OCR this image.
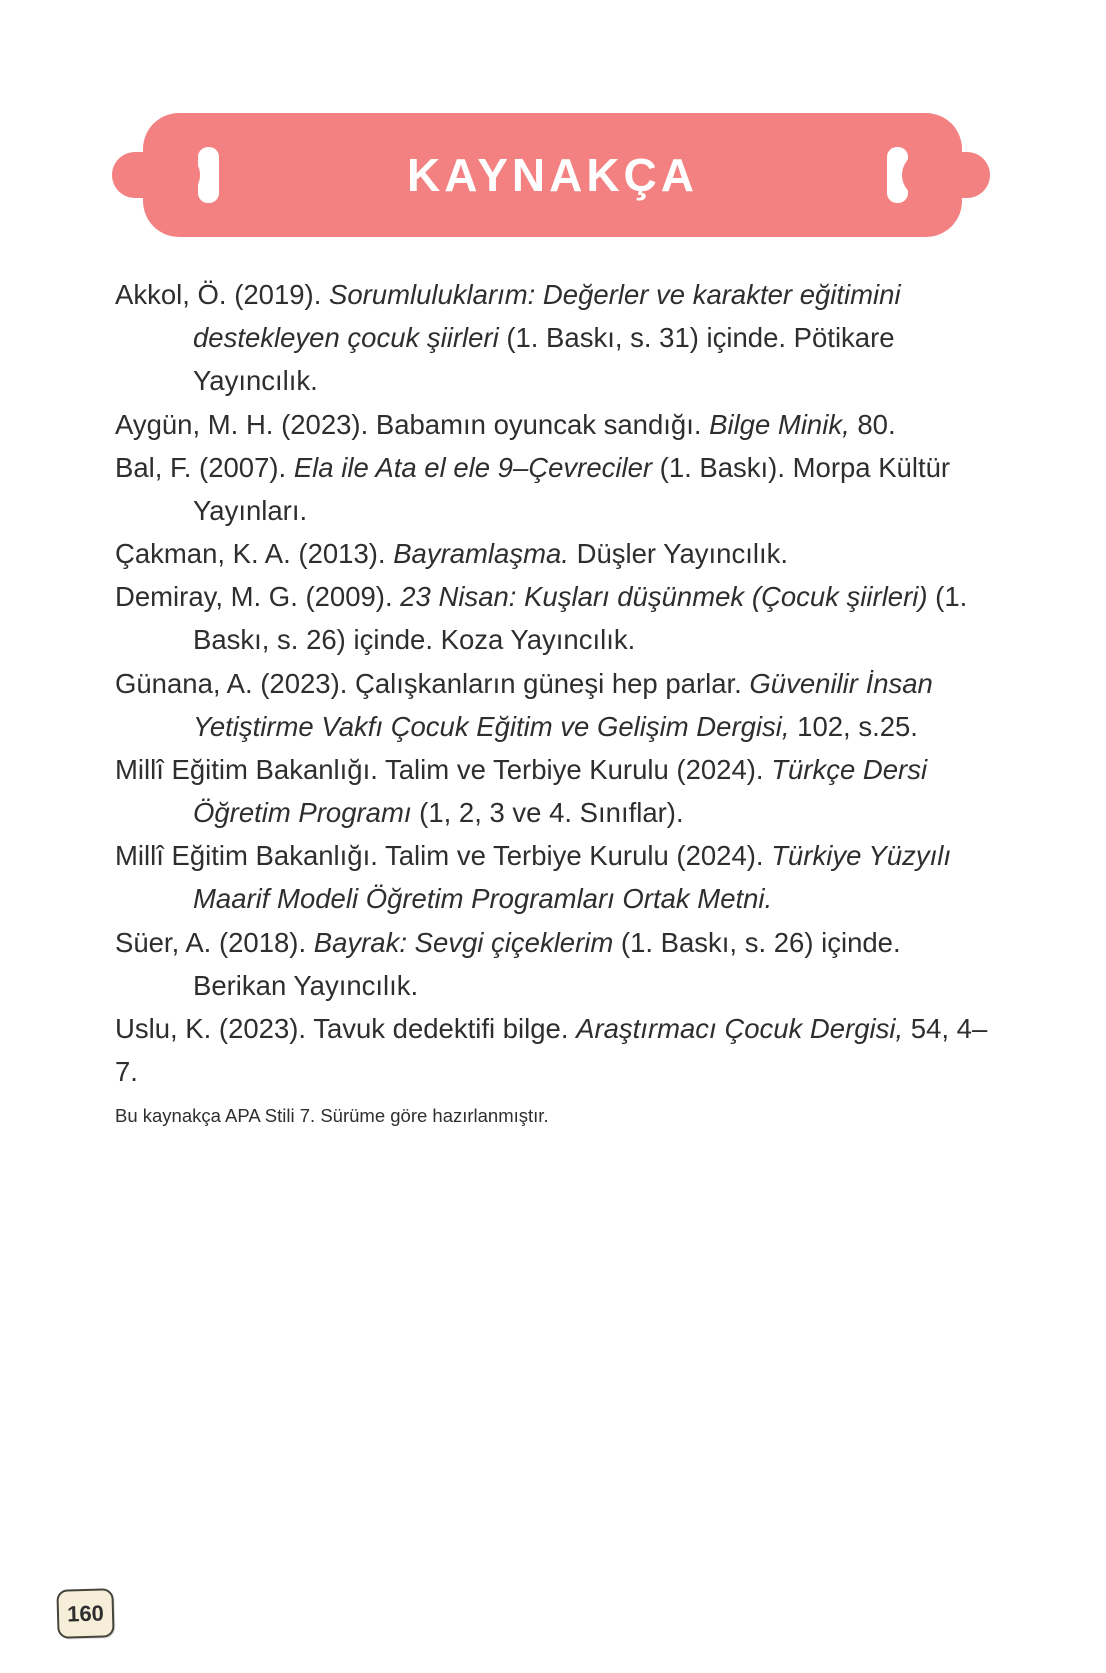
KAYNAKÇA

Akkol, Ö. (2019). Sorumluluklarım: Değerler ve karakter eğitimini destekleyen çocuk şiirleri (1. Baskı, s. 31) içinde. Pötikare Yayıncılık.

Aygün, M. H. (2023). Babamın oyuncak sandığı. Bilge Minik, 80.

Bal, F. (2007). Ela ile Ata el ele 9–Çevreciler (1. Baskı). Morpa Kültür Yayınları.

Çakman, K. A. (2013). Bayramlaşma. Düşler Yayıncılık.

Demiray, M. G. (2009). 23 Nisan: Kuşları düşünmek (Çocuk şiirleri) (1. Baskı, s. 26) içinde. Koza Yayıncılık.

Günana, A. (2023). Çalışkanların güneşi hep parlar. Güvenilir İnsan Yetiştirme Vakfı Çocuk Eğitim ve Gelişim Dergisi, 102, s.25.

Millî Eğitim Bakanlığı. Talim ve Terbiye Kurulu (2024). Türkçe Dersi Öğretim Programı (1, 2, 3 ve 4. Sınıflar).

Millî Eğitim Bakanlığı. Talim ve Terbiye Kurulu (2024). Türkiye Yüzyılı Maarif Modeli Öğretim Programları Ortak Metni.

Süer, A. (2018). Bayrak: Sevgi çiçeklerim (1. Baskı, s. 26) içinde. Berikan Yayıncılık.

Uslu, K. (2023). Tavuk dedektifi bilge. Araştırmacı Çocuk Dergisi, 54, 4–7.

Bu kaynakça APA Stili 7. Sürüme göre hazırlanmıştır.

160
